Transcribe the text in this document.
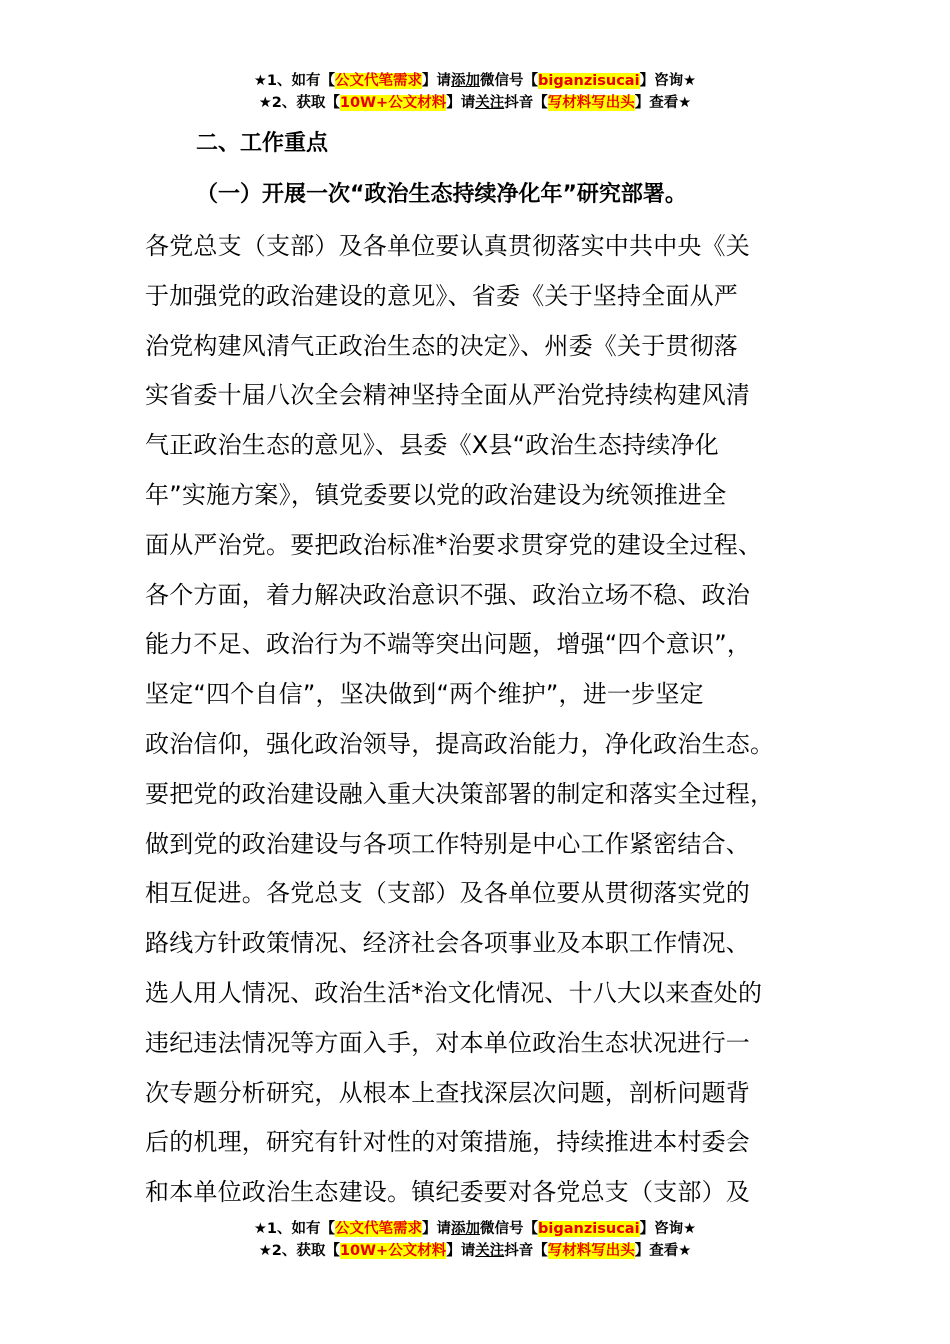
★1、如有【公文代笔需求】请添加微信号【biganzisucai】咨询★
★2、获取【10W+公文材料】请关注抖音【写材料写出头】查看★
二、工作重点
（一）开展一次“政治生态持续净化年”研究部署。
各党总支（支部）及各单位要认真贯彻落实中共中央《关
于加强党的政治建设的意见》、省委《关于坚持全面从严
治党构建风清气正政治生态的决定》、州委《关于贯彻落
实省委十届八次全会精神坚持全面从严治党持续构建风清
气正政治生态的意见》、县委《X县“政治生态持续净化
年”实施方案》，镇党委要以党的政治建设为统领推进全
面从严治党。要把政治标准*治要求贯穿党的建设全过程、
各个方面，着力解决政治意识不强、政治立场不稳、政治
能力不足、政治行为不端等突出问题，增强“四个意识”，
坚定“四个自信”，坚决做到“两个维护”，进一步坚定
政治信仰，强化政治领导，提高政治能力，净化政治生态。
要把党的政治建设融入重大决策部署的制定和落实全过程，
做到党的政治建设与各项工作特别是中心工作紧密结合、
相互促进。各党总支（支部）及各单位要从贯彻落实党的
路线方针政策情况、经济社会各项事业及本职工作情况、
选人用人情况、政治生活*治文化情况、十八大以来查处的
违纪违法情况等方面入手，对本单位政治生态状况进行一
次专题分析研究，从根本上查找深层次问题，剖析问题背
后的机理，研究有针对性的对策措施，持续推进本村委会
和本单位政治生态建设。镇纪委要对各党总支（支部）及
★1、如有【公文代笔需求】请添加微信号【biganzisucai】咨询★
★2、获取【10W+公文材料】请关注抖音【写材料写出头】查看★
